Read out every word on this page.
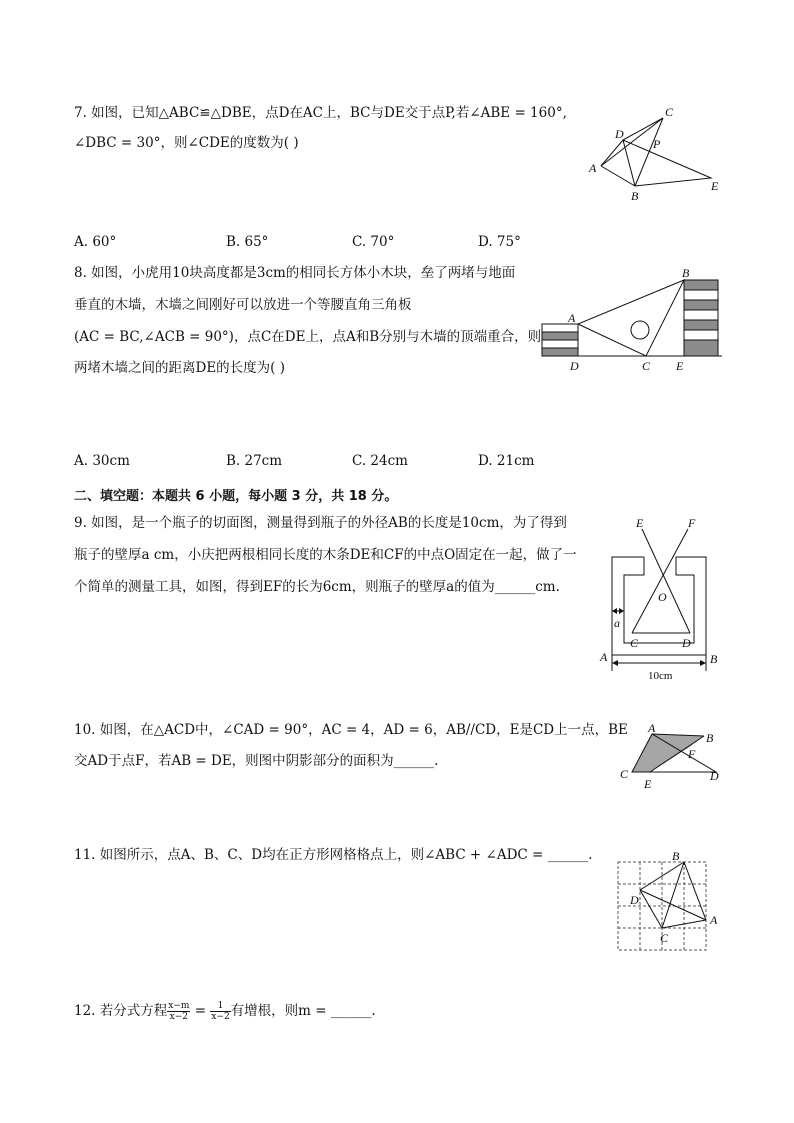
7. 如图，已知△ABC≌△DBE，点D在AC上，BC与DE交于点P,若∠ABE = 160°,
∠DBC = 30°，则∠CDE的度数为( )
C
D
P
A
B
E
A. 60°	B. 65°	C. 70°	D. 75°
8. 如图，小虎用10块高度都是3cm的相同长方体小木块，垒了两堵与地面
垂直的木墙，木墙之间刚好可以放进一个等腰直角三角板
(AC = BC,∠ACB = 90°)，点C在DE上，点A和B分别与木墙的顶端重合，则
两堵木墙之间的距离DE的长度为( )
B
A
D	C E
A. 30cm	B. 27cm	C. 24cm	D. 21cm
二、填空题：本题共 6 小题，每小题 3 分，共 18 分。
9. 如图，是一个瓶子的切面图，测量得到瓶子的外径AB的长度是10cm，为了得到
瓶子的壁厚a cm，小庆把两根相同长度的木条DE和CF的中点O固定在一起，做了一
个简单的测量工具，如图，得到EF的长为6cm，则瓶子的壁厚a的值为______cm.
E	F
O
a
C	D
A	B
10cm
10. 如图，在△ACD中，∠CAD = 90°，AC = 4，AD = 6，AB//CD，E是CD上一点，BE
交AD于点F，若AB = DE，则图中阴影部分的面积为______.
A
B
F
C
E
D
11. 如图所示，点A、B、C、D均在正方形网格格点上，则∠ABC + ∠ADC = ______.	B
D
A
C
12. 若分式方程 $\frac{x-m}{x-2} = \frac{1}{x-2}$ 有增根，则m = ______.
